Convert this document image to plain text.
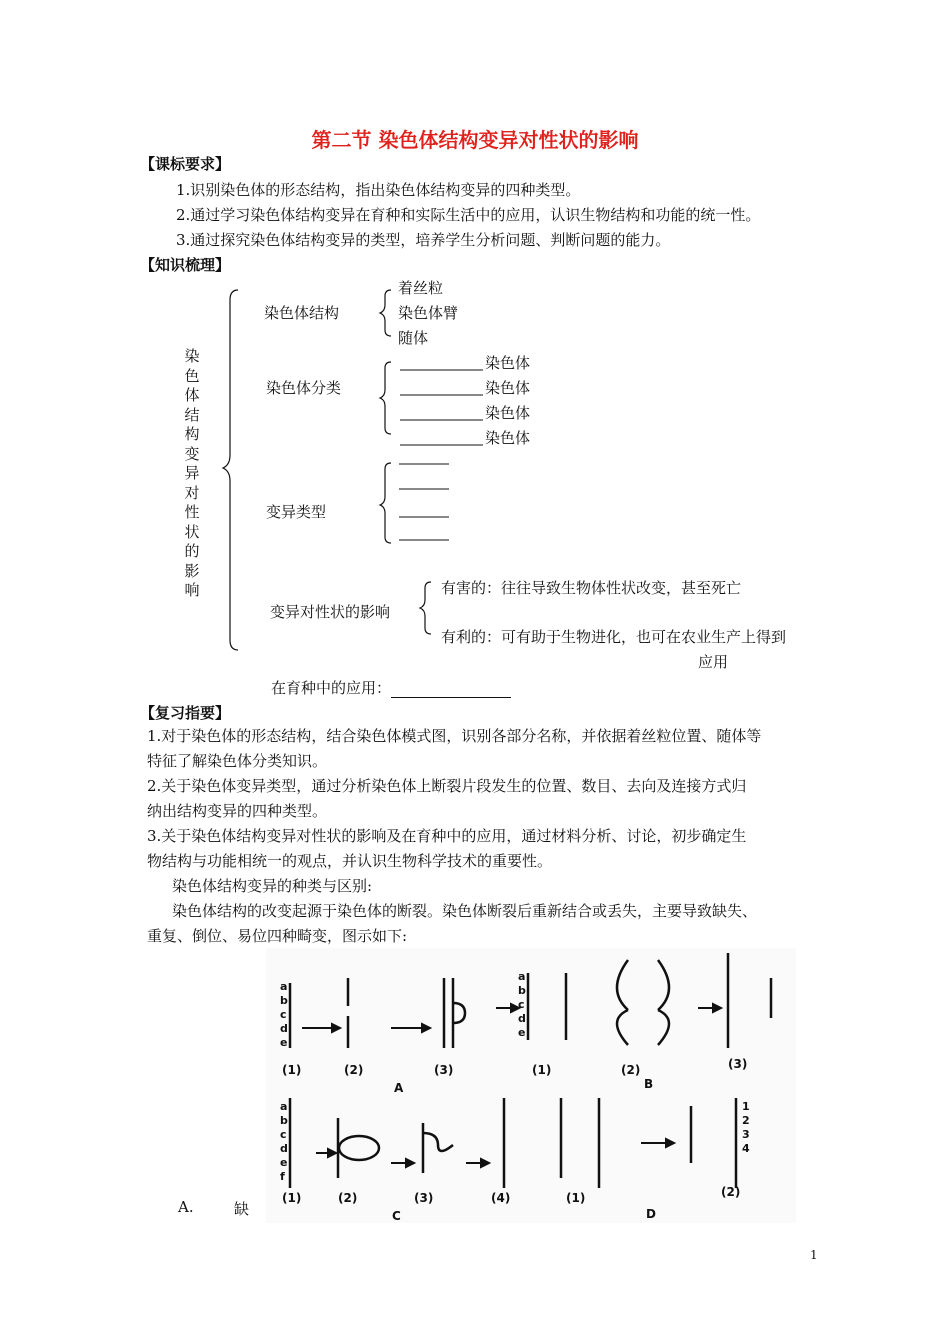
第二节 染色体结构变异对性状的影响
【课标要求】
1.识别染色体的形态结构，指出染色体结构变异的四种类型。
2.通过学习染色体结构变异在育种和实际生活中的应用，认识生物结构和功能的统一性。
3.通过探究染色体结构变异的类型，培养学生分析问题、判断问题的能力。
【知识梳理】
染色体结构变异对性状的影响
染色体结构
着丝粒
染色体臂
随体
染色体分类
染色体
染色体
染色体
染色体
变异类型
变异对性状的影响
有害的：往往导致生物体性状改变，甚至死亡
有利的：可有助于生物进化，也可在农业生产上得到
应用
在育种中的应用：
【复习指要】
1.对于染色体的形态结构，结合染色体模式图，识别各部分名称，并依据着丝粒位置、随体等
特征了解染色体分类知识。
2.关于染色体变异类型，通过分析染色体上断裂片段发生的位置、数目、去向及连接方式归
纳出结构变异的四种类型。
3.关于染色体结构变异对性状的影响及在育种中的应用，通过材料分析、讨论，初步确定生
物结构与功能相统一的观点，并认识生物科学技术的重要性。
染色体结构变异的种类与区别:
染色体结构的改变起源于染色体的断裂。染色体断裂后重新结合或丢失，主要导致缺失、
重复、倒位、易位四种畸变，图示如下:
a
b
c
d
e
a
b
c
d
e
a
b
c
d
e
f
1
2
3
4
(1)	(2)	(3)
A
(1)	(2)	(3)
B
(1)	(2)	(3)	(4)
C
(1)	(2)
D
A.	缺
1
